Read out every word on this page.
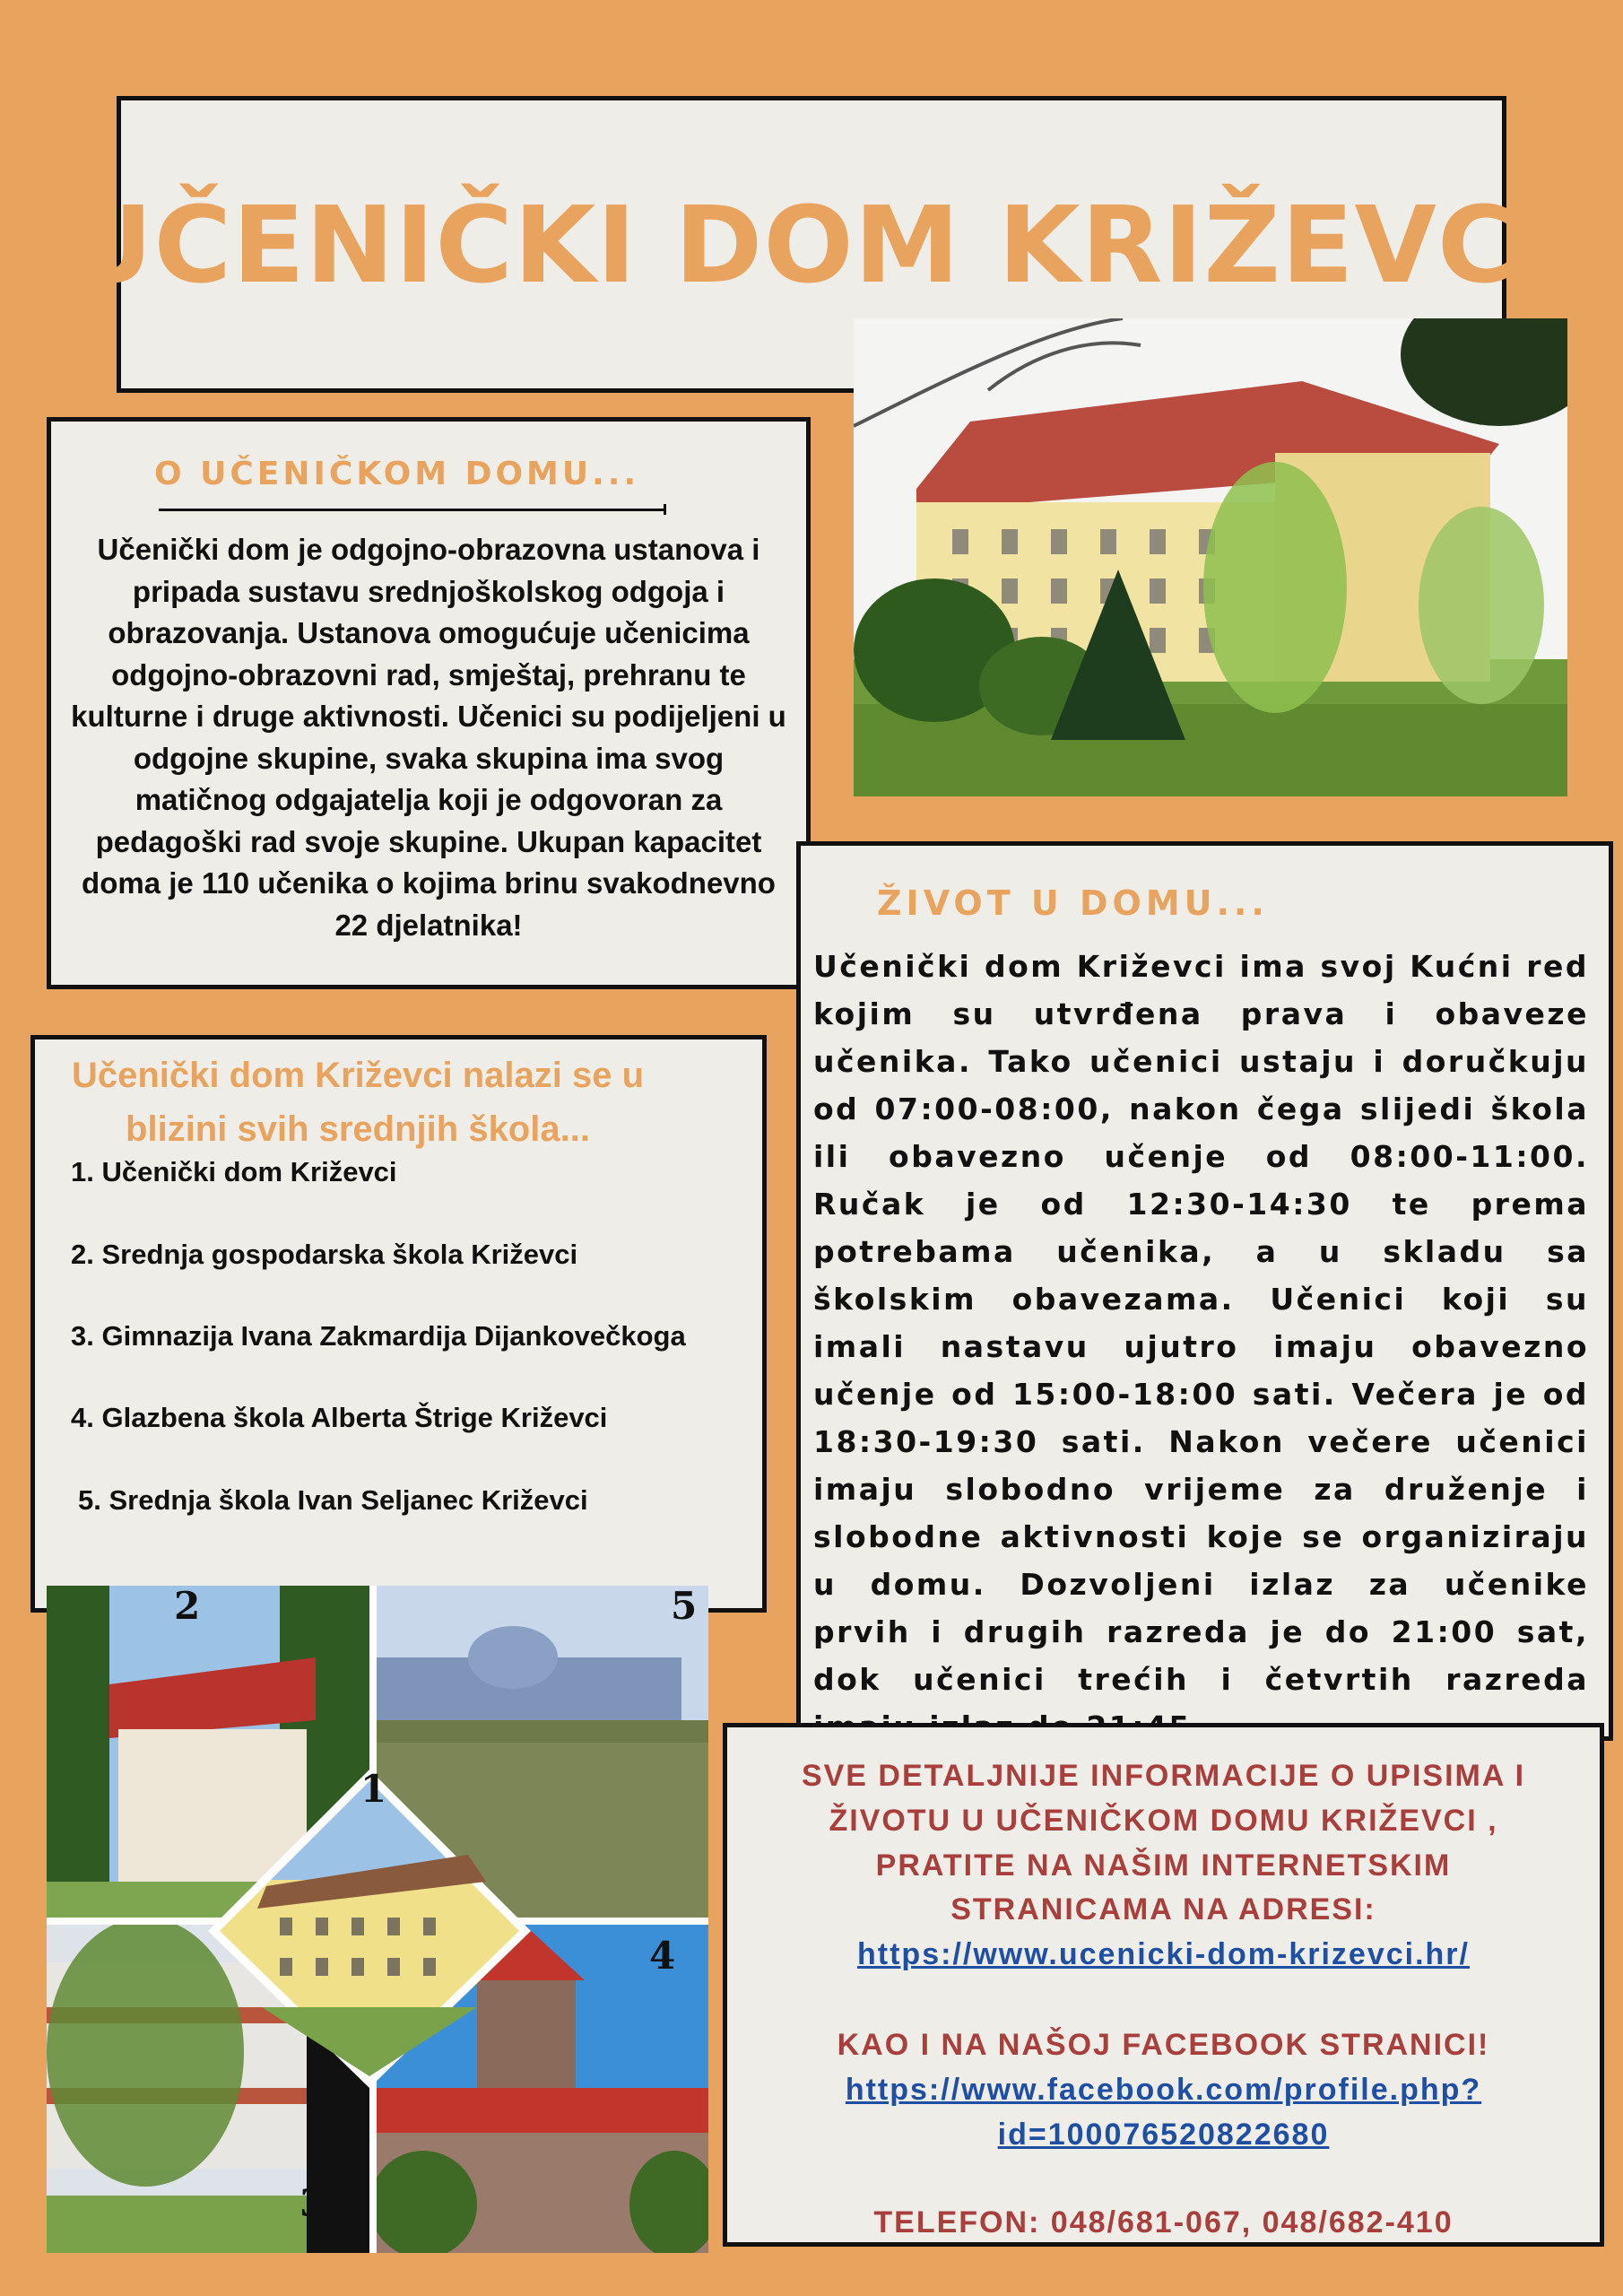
UČENIČKI DOM KRIŽEVCI
O UČENIČKOM DOMU...
Učenički dom je odgojno-obrazovna ustanova i pripada sustavu srednjoškolskog odgoja i obrazovanja. Ustanova omogućuje učenicima odgojno-obrazovni rad, smještaj, prehranu te kulturne i druge aktivnosti. Učenici su podijeljeni u odgojne skupine, svaka skupina ima svog matičnog odgajatelja koji je odgovoran za pedagoški rad svoje skupine. Ukupan kapacitet doma je 110 učenika o kojima brinu svakodnevno 22 djelatnika!
Učenički dom Križevci nalazi se u blizini svih srednjih škola...
1. Učenički dom Križevci
2. Srednja gospodarska škola Križevci
3. Gimnazija Ivana Zakmardija Dijankovečkoga
4. Glazbena škola Alberta Štrige Križevci
5. Srednja škola Ivan Seljanec Križevci
ŽIVOT U DOMU...
Učenički dom Križevci ima svoj Kućni red kojim su utvrđena prava i obaveze učenika. Tako učenici ustaju i doručkuju od 07:00-08:00, nakon čega slijedi škola ili obavezno učenje od 08:00-11:00. Ručak je od 12:30-14:30 te prema potrebama učenika, a u skladu sa školskim obavezama. Učenici koji su imali nastavu ujutro imaju obavezno učenje od 15:00-18:00 sati. Večera je od 18:30-19:30 sati. Nakon večere učenici imaju slobodno vrijeme za druženje i slobodne aktivnosti koje se organiziraju u domu. Dozvoljeni izlaz za učenike prvih i drugih razreda je do 21:00 sat, dok učenici trećih i četvrtih razreda
2	5
1
4
3
SVE DETALJNIJE INFORMACIJE O UPISIMA I
ŽIVOTU U UČENIČKOM DOMU KRIŽEVCI ,
PRATITE NA NAŠIM INTERNETSKIM
STRANICAMA NA ADRESI:
https://www.ucenicki-dom-krizevci.hr/
KAO I NA NAŠOJ FACEBOOK STRANICI!
https://www.facebook.com/profile.php?
id=100076520822680
TELEFON: 048/681-067, 048/682-410
